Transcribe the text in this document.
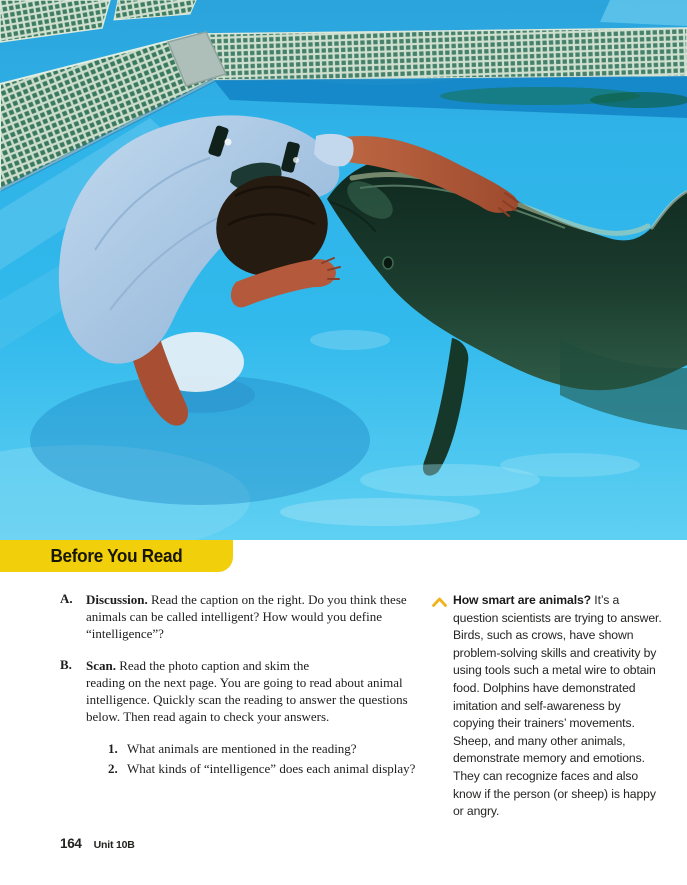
Before You Read
A.	Discussion. Read the caption on the right. Do you think these animals can be called intelligent? How would you define “intelligence”?
B.	Scan. Read the photo caption and skim the
reading on the next page. You are going to read about animal intelligence. Quickly scan the reading to answer the questions below. Then read again to check your answers.
1. What animals are mentioned in the reading?
2. What kinds of “intelligence” does each animal display?
How smart are animals? It’s a question scientists are trying to answer. Birds, such as crows, have shown problem-solving skills and creativity by using tools such a metal wire to obtain food. Dolphins have demonstrated imitation and self-awareness by copying their trainers’ movements. Sheep, and many other animals, demonstrate memory and emotions. They can recognize faces and also know if the person (or sheep) is happy or angry.
164 Unit 10B
